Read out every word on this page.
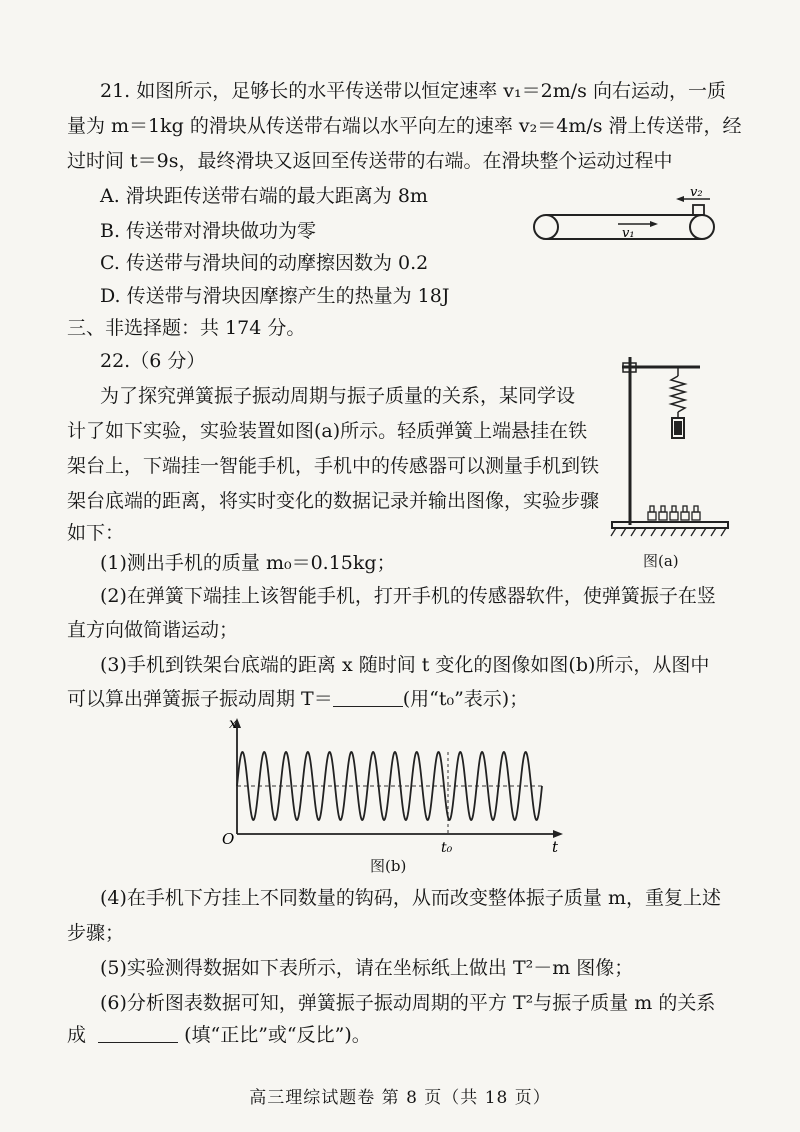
21. 如图所示，足够长的水平传送带以恒定速率 v₁＝2m/s 向右运动，一质
量为 m＝1kg 的滑块从传送带右端以水平向左的速率 v₂＝4m/s 滑上传送带，经
过时间 t＝9s，最终滑块又返回至传送带的右端。在滑块整个运动过程中
A. 滑块距传送带右端的最大距离为 8m
B. 传送带对滑块做功为零
C. 传送带与滑块间的动摩擦因数为 0.2
D. 传送带与滑块因摩擦产生的热量为 18J
v₁
v₂
三、非选择题：共 174 分。
22.（6 分）
为了探究弹簧振子振动周期与振子质量的关系，某同学设
计了如下实验，实验装置如图(a)所示。轻质弹簧上端悬挂在铁
架台上，下端挂一智能手机，手机中的传感器可以测量手机到铁
架台底端的距离，将实时变化的数据记录并输出图像，实验步骤
如下：
图(a)
(1)测出手机的质量 m₀＝0.15kg；
(2)在弹簧下端挂上该智能手机，打开手机的传感器软件，使弹簧振子在竖
直方向做简谐运动；
(3)手机到铁架台底端的距离 x 随时间 t 变化的图像如图(b)所示，从图中
可以算出弹簧振子振动周期 T＝	(用“t₀”表示)；
x
O	t
t₀
图(b)
(4)在手机下方挂上不同数量的钩码，从而改变整体振子质量 m，重复上述
步骤；
(5)实验测得数据如下表所示，请在坐标纸上做出 T²－m 图像；
(6)分析图表数据可知，弹簧振子振动周期的平方 T²与振子质量 m 的关系
成	(填“正比”或“反比”)。
高三理综试题卷 第 8 页（共 18 页）
